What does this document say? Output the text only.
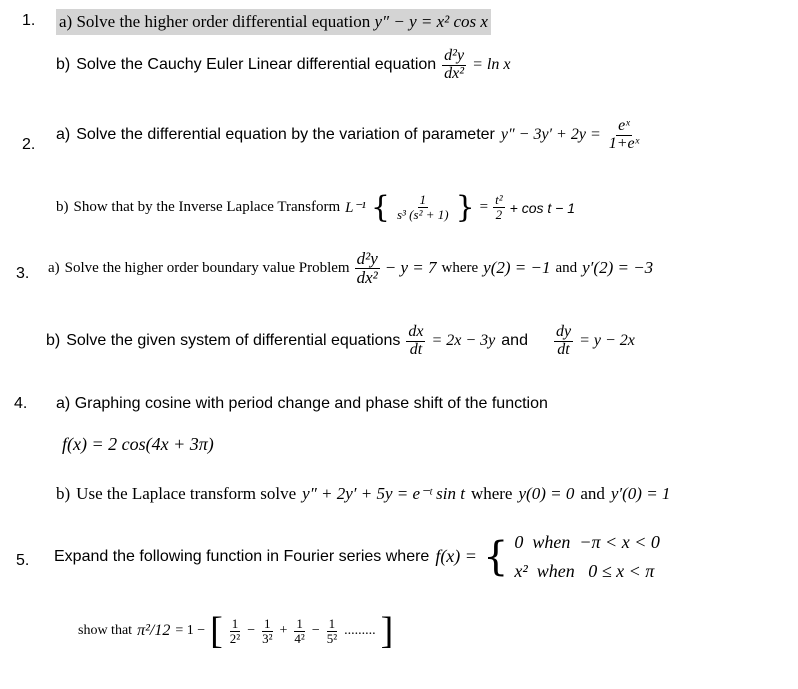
1. a) Solve the higher order differential equation y″ − y = x² cos x
b) Solve the Cauchy Euler Linear differential equation $\frac{\text{d²y}}{\text{dx²}} = \ln x$
2.
a) Solve the differential equation by the variation of parameter $y'' - 3y' + 2y = \frac{\text{eˣ}}{\text{1+eˣ}}$
b) Show that by the Inverse Laplace Transform L⁻¹ { $\frac{1}{\text{s³ (s² + 1)}}$ } = $\frac{\text{t²}}{2} + \cos t - 1$
3. a) Solve the higher order boundary value Problem $\frac{\text{d²y}}{\text{dx²}} - y = 7$ where y(2) = −1 and y′(2) = −3
b) Solve the given system of differential equations $\frac{dx}{dt} = 2x - 3y$ and $\frac{dy}{dt} = y - 2x$
4. a) Graphing cosine with period change and phase shift of the function
f(x) = 2 cos(4x + 3π)
b) Use the Laplace transform solve y″ + 2y′ + 5y = e⁻ᵗ sin t where y(0) = 0 and y′(0) = 1
5. Expand the following function in Fourier series where f(x) = { 0 when −π < x < 0
x² when 0 ≤ x < π
show that π²/12 = 1 − [ $\frac{1}{\text{2²}} - \frac{1}{\text{3²}} + \frac{1}{\text{4²}} - \frac{1}{\text{5²}}$ ......... ]
